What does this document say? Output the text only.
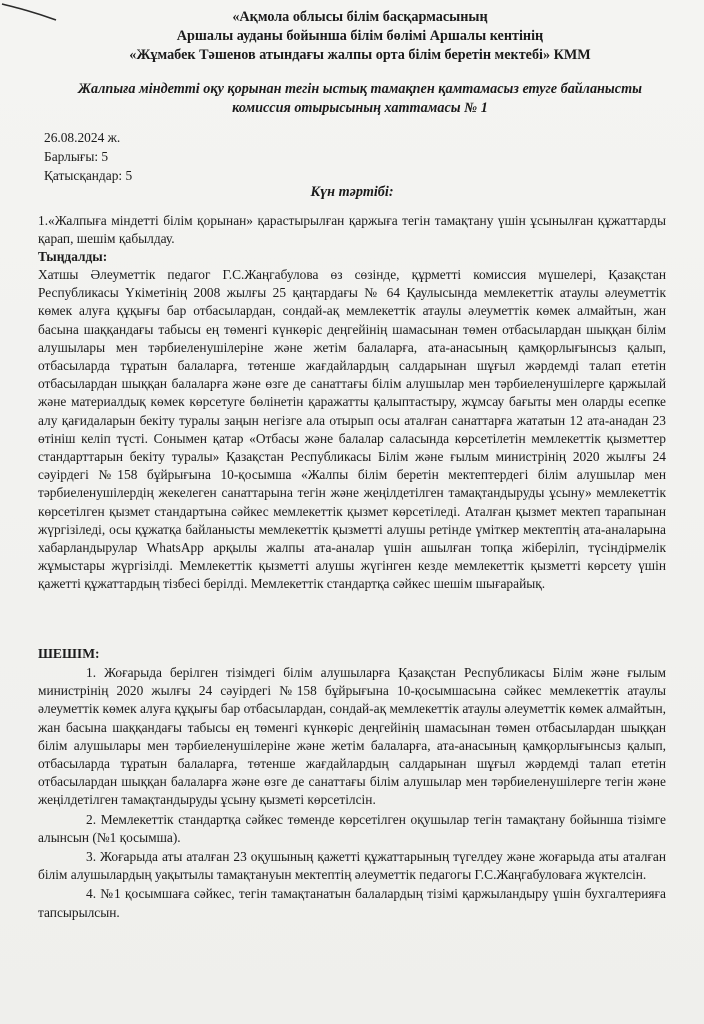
«Ақмола облысы білім басқармасының
Аршалы ауданы бойынша білім бөлімі Аршалы кентінің
«Жұмабек Тәшенов атындағы жалпы орта білім беретін мектебі» КММ
Жалпыға міндетті оқу қорынан тегін ыстық тамақпен қамтамасыз етуге байланысты
комиссия отырысының хаттамасы № 1
26.08.2024 ж.
Барлығы: 5
Қатысқандар: 5
Күн тәртібі:
1.«Жалпыға міндетті білім қорынан» қарастырылған қаржыға тегін тамақтану үшін ұсынылған құжаттарды қарап, шешім қабылдау.
Тыңдалды:
Хатшы Әлеуметтік педагог Г.С.Жаңгабулова өз сөзінде, құрметті комиссия мүшелері, Қазақстан Республикасы Үкіметінің 2008 жылғы 25 қаңтардағы № 64 Қаулысында мемлекеттік атаулы әлеуметтік көмек алуға құқығы бар отбасылардан, сондай-ақ мемлекеттік атаулы әлеуметтік көмек алмайтын, жан басына шаққандағы табысы ең төменгі күнкөріс деңгейінің шамасынан төмен отбасылардан шыққан білім алушылары мен тәрбиеленушілеріне және жетім балаларға, ата-анасының қамқорлығынсыз қалып, отбасыларда тұратын балаларға, төтенше жағдайлардың салдарынан шұғыл жәрдемді талап ететін отбасылардан шыққан балаларға және өзге де санаттағы білім алушылар мен тәрбиеленушілерге қаржылай және материалдық көмек көрсетуге бөлінетін қаражатты қалыптастыру, жұмсау бағыты мен оларды есепке алу қағидаларын бекіту туралы заңын негізге ала отырып осы аталған санаттарға жататын 12 ата-анадан 23 өтініш келіп түсті. Сонымен қатар «Отбасы және балалар саласында көрсетілетін мемлекеттік қызметтер стандарттарын бекіту туралы» Қазақстан Республикасы Білім және ғылым министрінің 2020 жылғы 24 сәуірдегі №158 бұйрығына 10-қосымша «Жалпы білім беретін мектептердегі білім алушылар мен тәрбиеленушілердің жекелеген санаттарына тегін және жеңілдетілген тамақтандыруды ұсыну» мемлекеттік көрсетілген қызмет стандартына сәйкес мемлекеттік қызмет көрсетіледі. Аталған қызмет мектеп тарапынан жүргізіледі, осы құжатқа байланысты мемлекеттік қызметті алушы ретінде үміткер мектептің ата-аналарына хабарландырулар WhatsApp арқылы жалпы ата-аналар үшін ашылған топқа жіберіліп, түсіндірмелік жұмыстары жүргізілді. Мемлекеттік қызметті алушы жүгінген кезде мемлекеттік қызметті көрсету үшін қажетті құжаттардың тізбесі берілді. Мемлекеттік стандартқа сәйкес шешім шығарайық.
ШЕШІМ:

1. Жоғарыда берілген тізімдегі білім алушыларға Қазақстан Республикасы Білім және ғылым министрінің 2020 жылғы 24 сәуірдегі №158 бұйрығына 10-қосымшасына сәйкес мемлекеттік атаулы әлеуметтік көмек алуға құқығы бар отбасылардан, сондай-ақ мемлекеттік атаулы әлеуметтік көмек алмайтын, жан басына шаққандағы табысы ең төменгі күнкөріс деңгейінің шамасынан төмен отбасылардан шыққан білім алушылары мен тәрбиеленушілеріне және жетім балаларға, ата-анасының қамқорлығынсыз қалып, отбасыларда тұратын балаларға, төтенше жағдайлардың салдарынан шұғыл жәрдемді талап ететін отбасылардан шыққан балаларға және өзге де санаттағы білім алушылар мен тәрбиеленушілерге тегін және жеңілдетілген тамақтандыруды ұсыну қызметі көрсетілсін.

2. Мемлекеттік стандартқа сәйкес төменде көрсетілген оқушылар тегін тамақтану бойынша тізімге алынсын (№1 қосымша).

3. Жоғарыда аты аталған 23 оқушының қажетті құжаттарының түгелдеу және жоғарыда аты аталған білім алушылардың уақытылы тамақтануын мектептің әлеуметтік педагогы Г.С.Жаңгабуловаға жүктелсін.

4. №1 қосымшаға сәйкес, тегін тамақтанатын балалардың тізімі қаржыландыру үшін бухгалтерияға тапсырылсын.
